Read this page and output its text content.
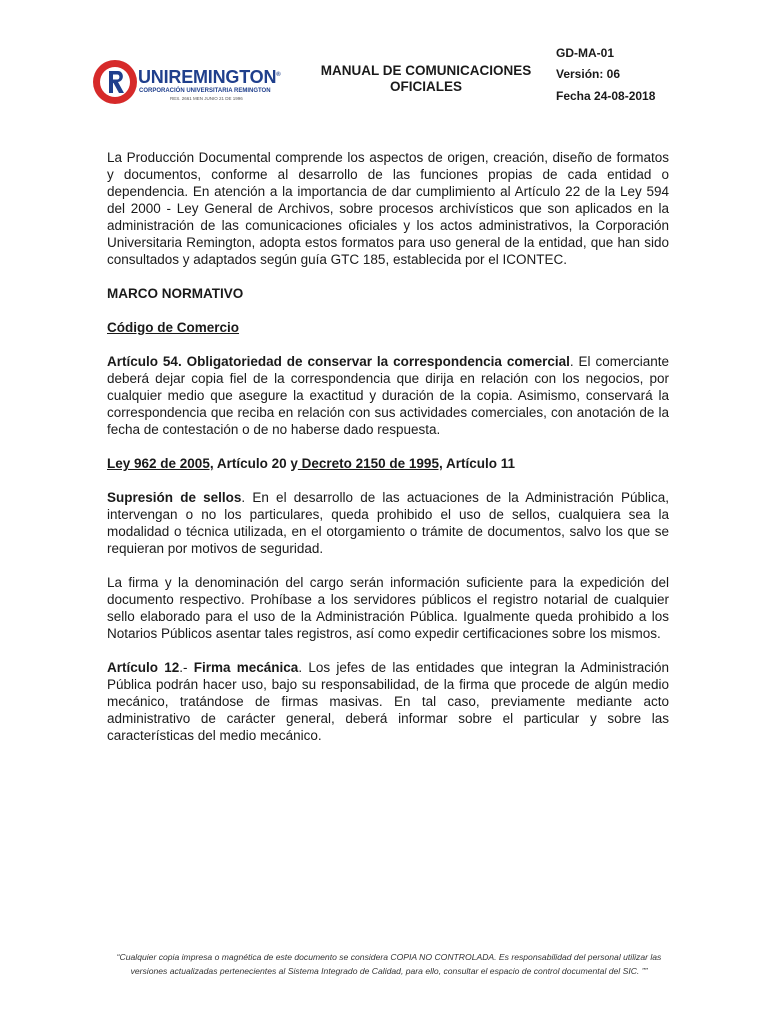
UNIREMINGTON®
CORPORACIÓN UNIVERSITARIA REMINGTON
RES. 2661 MEN JUNIO 21 DE 1996
MANUAL DE COMUNICACIONES OFICIALES
GD-MA-01
Versión: 06
Fecha 24-08-2018

La Producción Documental comprende los aspectos de origen, creación, diseño de formatos y documentos, conforme al desarrollo de las funciones propias de cada entidad o dependencia. En atención a la importancia de dar cumplimiento al Artículo 22 de la Ley 594 del 2000 - Ley General de Archivos, sobre procesos archivísticos que son aplicados en la administración de las comunicaciones oficiales y los actos administrativos, la Corporación Universitaria Remington, adopta estos formatos para uso general de la entidad, que han sido consultados y adaptados según guía GTC 185, establecida por el ICONTEC.

MARCO NORMATIVO

Código de Comercio

Artículo 54. Obligatoriedad de conservar la correspondencia comercial. El comerciante deberá dejar copia fiel de la correspondencia que dirija en relación con los negocios, por cualquier medio que asegure la exactitud y duración de la copia. Asimismo, conservará la correspondencia que reciba en relación con sus actividades comerciales, con anotación de la fecha de contestación o de no haberse dado respuesta.

Ley 962 de 2005, Artículo 20 y Decreto 2150 de 1995, Artículo 11

Supresión de sellos. En el desarrollo de las actuaciones de la Administración Pública, intervengan o no los particulares, queda prohibido el uso de sellos, cualquiera sea la modalidad o técnica utilizada, en el otorgamiento o trámite de documentos, salvo los que se requieran por motivos de seguridad.

La firma y la denominación del cargo serán información suficiente para la expedición del documento respectivo. Prohíbase a los servidores públicos el registro notarial de cualquier sello elaborado para el uso de la Administración Pública. Igualmente queda prohibido a los Notarios Públicos asentar tales registros, así como expedir certificaciones sobre los mismos.

Artículo 12.- Firma mecánica. Los jefes de las entidades que integran la Administración Pública podrán hacer uso, bajo su responsabilidad, de la firma que procede de algún medio mecánico, tratándose de firmas masivas. En tal caso, previamente mediante acto administrativo de carácter general, deberá informar sobre el particular y sobre las características del medio mecánico.

“Cualquier copia impresa o magnética de este documento se considera COPIA NO CONTROLADA. Es responsabilidad del personal utilizar las versiones actualizadas pertenecientes al Sistema Integrado de Calidad, para ello, consultar el espacio de control documental del SIC. ””
